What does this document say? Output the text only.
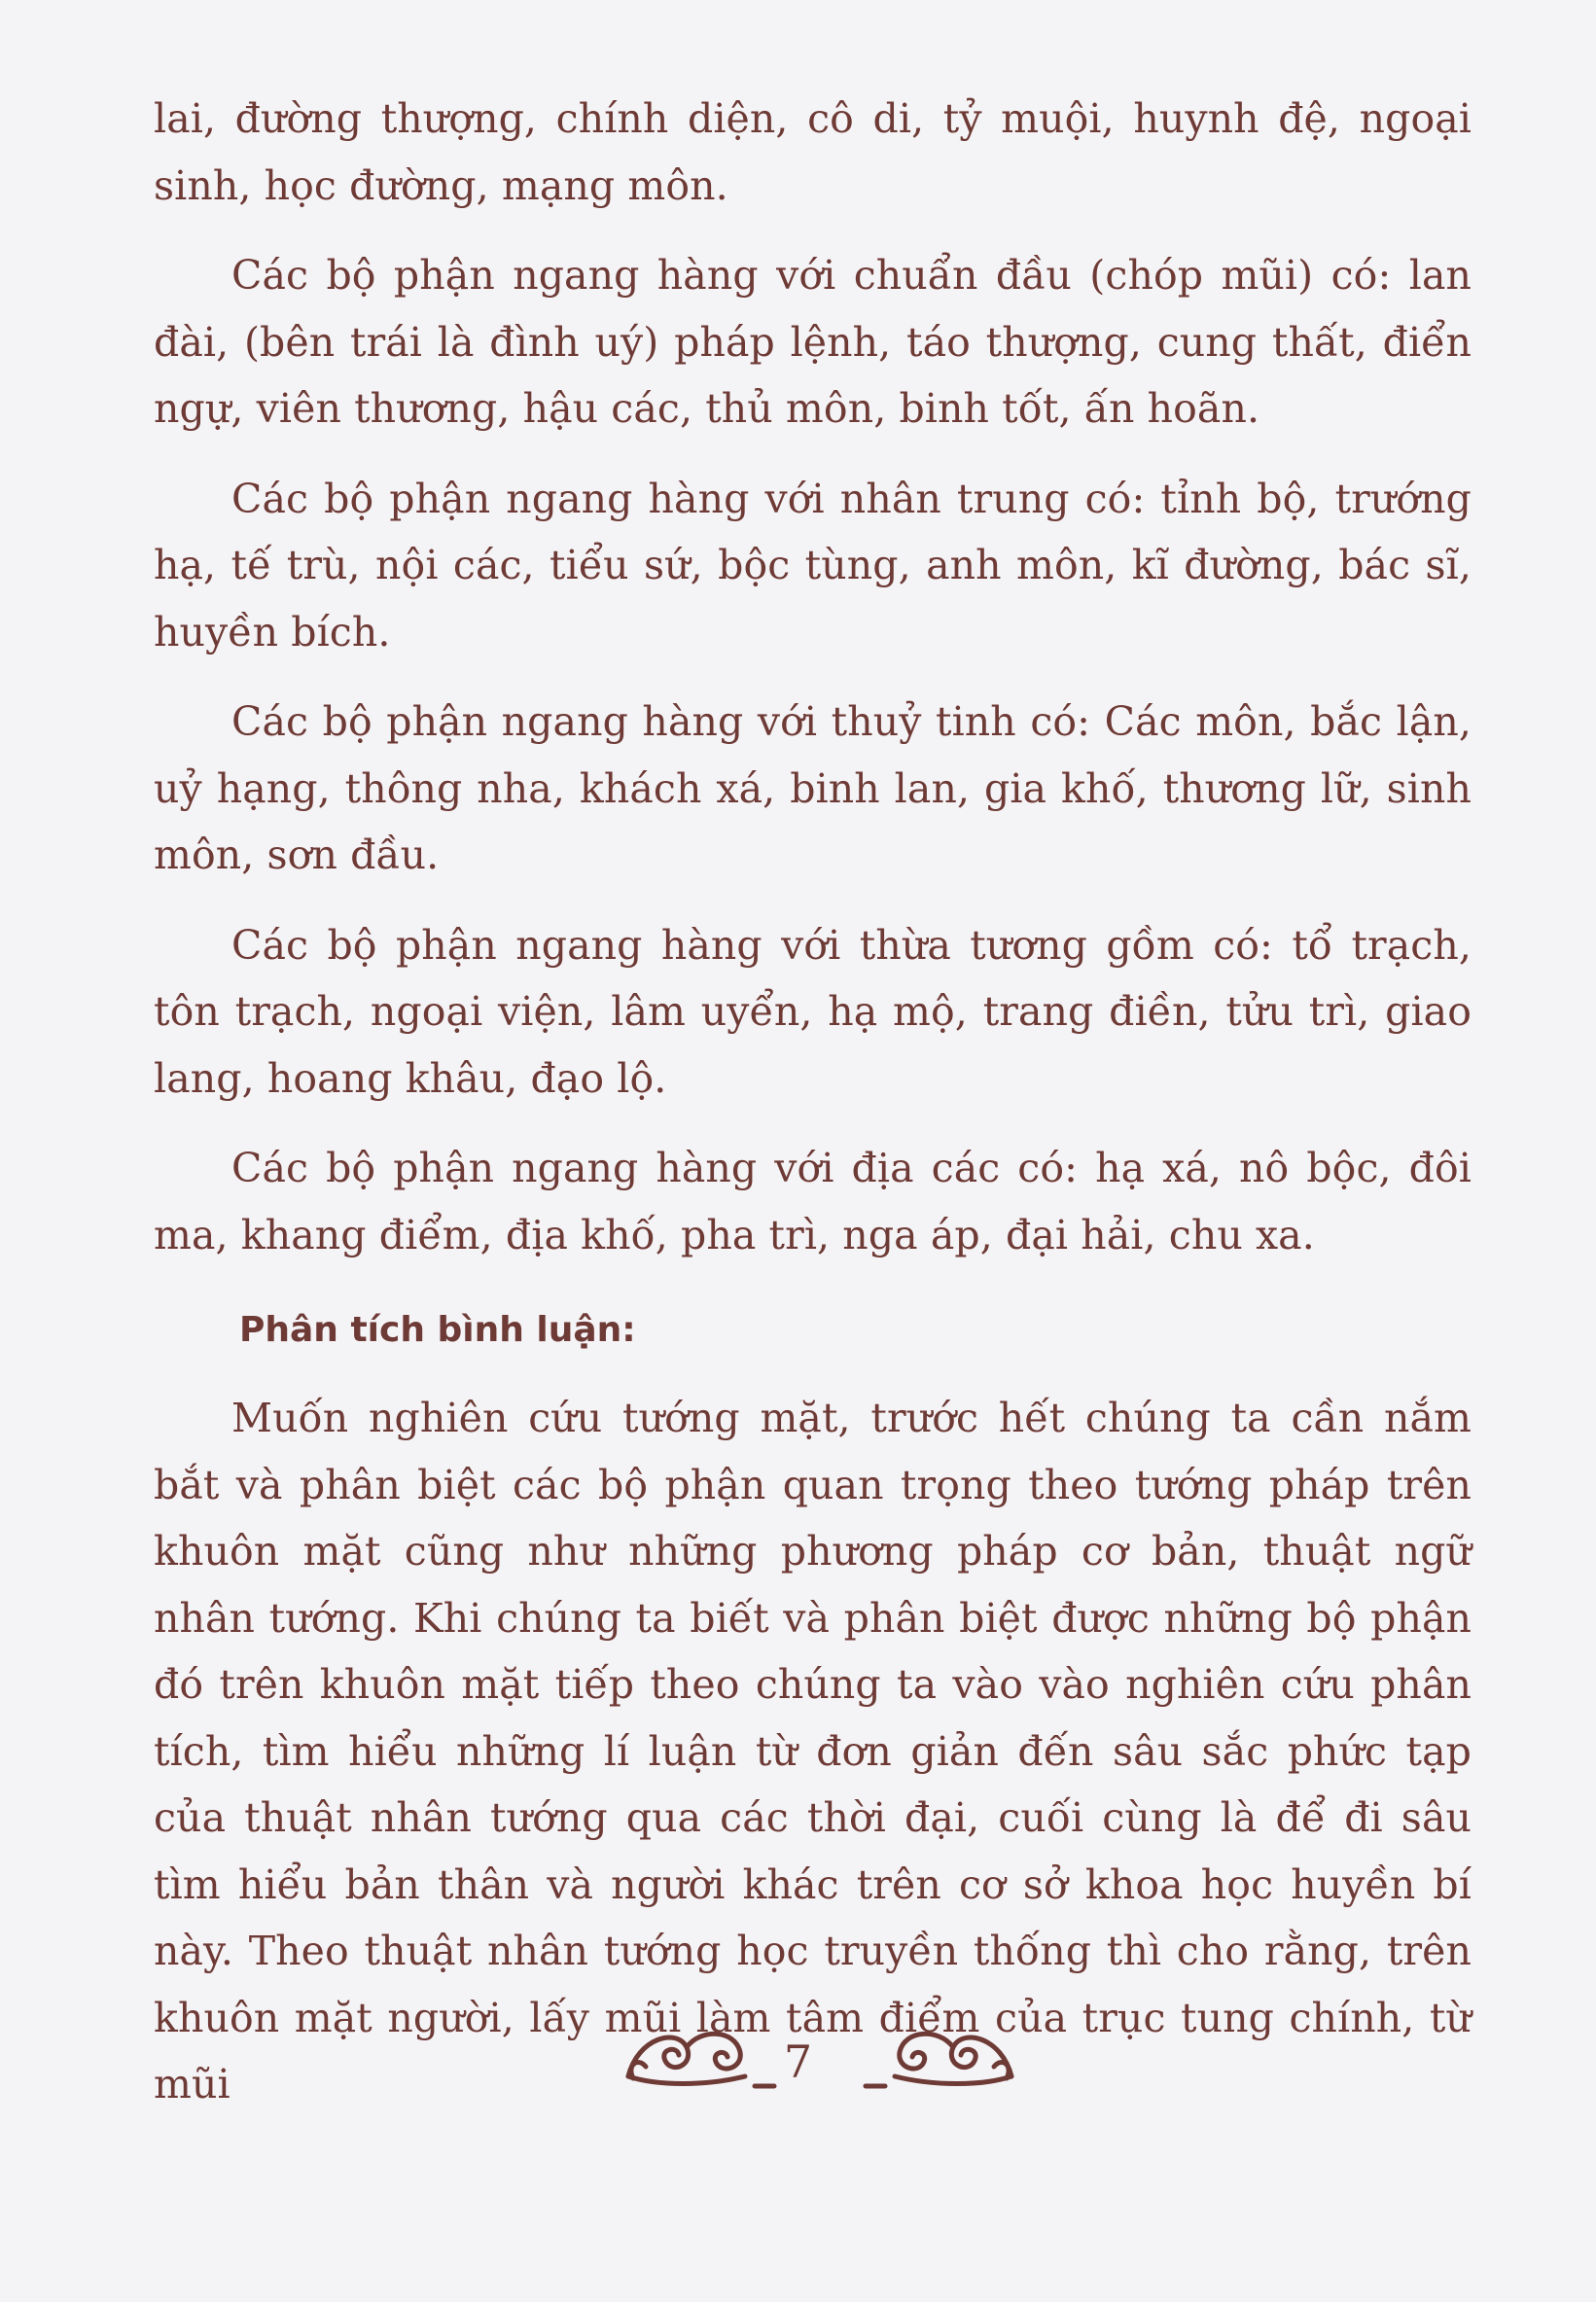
lai, đường thượng, chính diện, cô di, tỷ muội, huynh đệ, ngoại sinh, học đường, mạng môn.

Các bộ phận ngang hàng với chuẩn đầu (chóp mũi) có: lan đài, (bên trái là đình uý) pháp lệnh, táo thượng, cung thất, điển ngự, viên thương, hậu các, thủ môn, binh tốt, ấn hoãn.

Các bộ phận ngang hàng với nhân trung có: tỉnh bộ, trướng hạ, tế trù, nội các, tiểu sứ, bộc tùng, anh môn, kĩ đường, bác sĩ, huyền bích.

Các bộ phận ngang hàng với thuỷ tinh có: Các môn, bắc lận, uỷ hạng, thông nha, khách xá, binh lan, gia khố, thương lữ, sinh môn, sơn đầu.

Các bộ phận ngang hàng với thừa tương gồm có: tổ trạch, tôn trạch, ngoại viện, lâm uyển, hạ mộ, trang điền, tửu trì, giao lang, hoang khâu, đạo lộ.

Các bộ phận ngang hàng với địa các có: hạ xá, nô bộc, đôi ma, khang điểm, địa khố, pha trì, nga áp, đại hải, chu xa.

Phân tích bình luận:

Muốn nghiên cứu tướng mặt, trước hết chúng ta cần nắm bắt và phân biệt các bộ phận quan trọng theo tướng pháp trên khuôn mặt cũng như những phương pháp cơ bản, thuật ngữ nhân tướng. Khi chúng ta biết và phân biệt được những bộ phận đó trên khuôn mặt tiếp theo chúng ta vào vào nghiên cứu phân tích, tìm hiểu những lí luận từ đơn giản đến sâu sắc phức tạp của thuật nhân tướng qua các thời đại, cuối cùng là để đi sâu tìm hiểu bản thân và người khác trên cơ sở khoa học huyền bí này. Theo thuật nhân tướng học truyền thống thì cho rằng, trên khuôn mặt người, lấy mũi làm tâm điểm của trục tung chính, từ mũi	7
